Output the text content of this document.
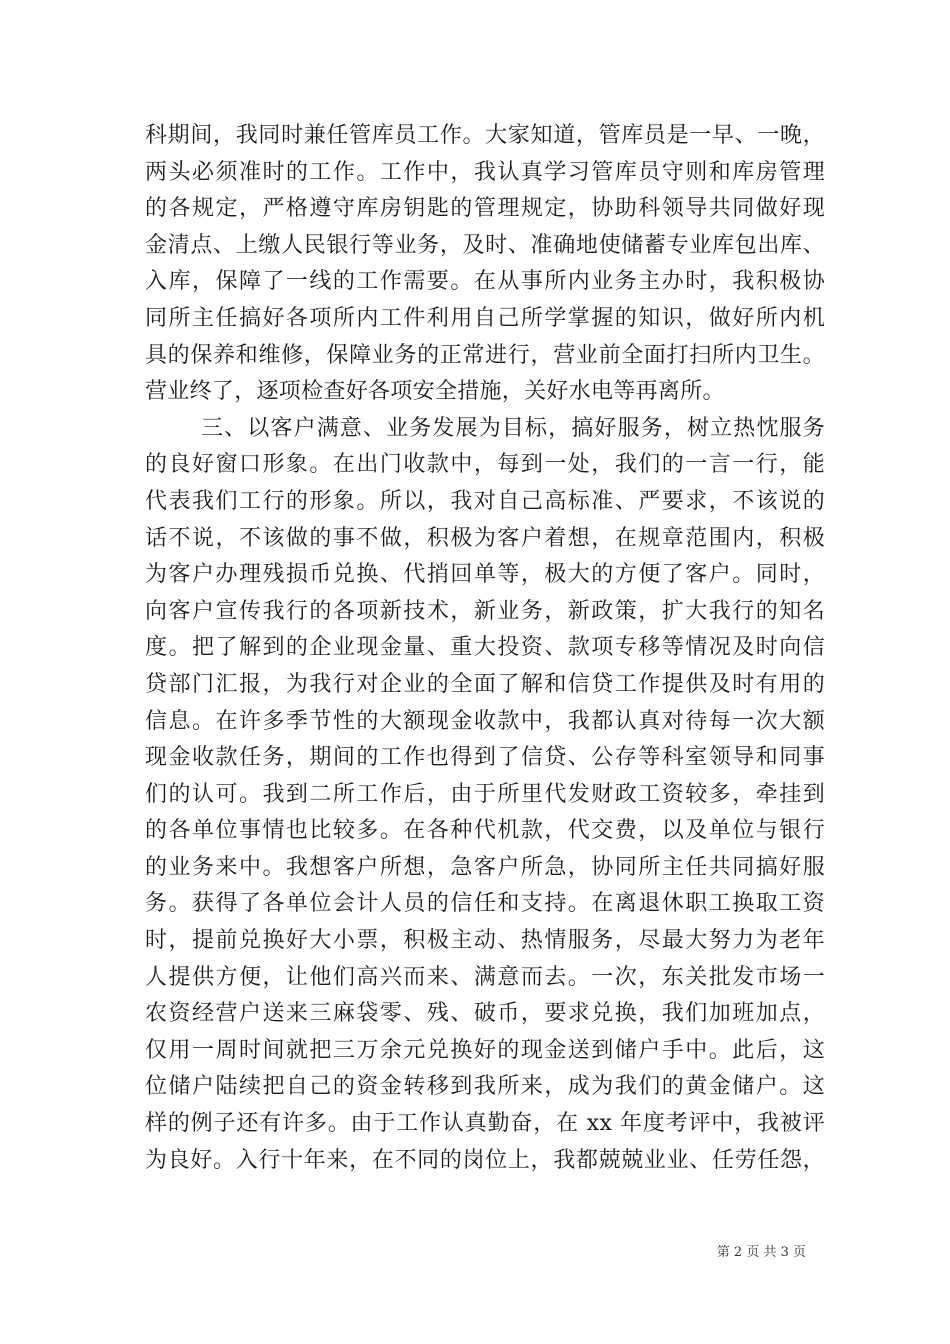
科期间，我同时兼任管库员工作。大家知道，管库员是一早、一晚，
两头必须准时的工作。工作中，我认真学习管库员守则和库房管理
的各规定，严格遵守库房钥匙的管理规定，协助科领导共同做好现
金清点、上缴人民银行等业务，及时、准确地使储蓄专业库包出库、
入库，保障了一线的工作需要。在从事所内业务主办时，我积极协
同所主任搞好各项所内工件利用自己所学掌握的知识，做好所内机
具的保养和维修，保障业务的正常进行，营业前全面打扫所内卫生。
营业终了，逐项检查好各项安全措施，关好水电等再离所。
三、以客户满意、业务发展为目标，搞好服务，树立热忱服务
的良好窗口形象。在出门收款中，每到一处，我们的一言一行，能
代表我们工行的形象。所以，我对自己高标准、严要求，不该说的
话不说，不该做的事不做，积极为客户着想，在规章范围内，积极
为客户办理残损币兑换、代捎回单等，极大的方便了客户。同时，
向客户宣传我行的各项新技术，新业务，新政策，扩大我行的知名
度。把了解到的企业现金量、重大投资、款项专移等情况及时向信
贷部门汇报，为我行对企业的全面了解和信贷工作提供及时有用的
信息。在许多季节性的大额现金收款中，我都认真对待每一次大额
现金收款任务，期间的工作也得到了信贷、公存等科室领导和同事
们的认可。我到二所工作后，由于所里代发财政工资较多，牵挂到
的各单位事情也比较多。在各种代机款，代交费，以及单位与银行
的业务来中。我想客户所想，急客户所急，协同所主任共同搞好服
务。获得了各单位会计人员的信任和支持。在离退休职工换取工资
时，提前兑换好大小票，积极主动、热情服务，尽最大努力为老年
人提供方便，让他们高兴而来、满意而去。一次，东关批发市场一
农资经营户送来三麻袋零、残、破币，要求兑换，我们加班加点，
仅用一周时间就把三万余元兑换好的现金送到储户手中。此后，这
位储户陆续把自己的资金转移到我所来，成为我们的黄金储户。这
样的例子还有许多。由于工作认真勤奋，在 xx 年度考评中，我被评
为良好。入行十年来，在不同的岗位上，我都兢兢业业、任劳任怨，
第 2 页 共 3 页
